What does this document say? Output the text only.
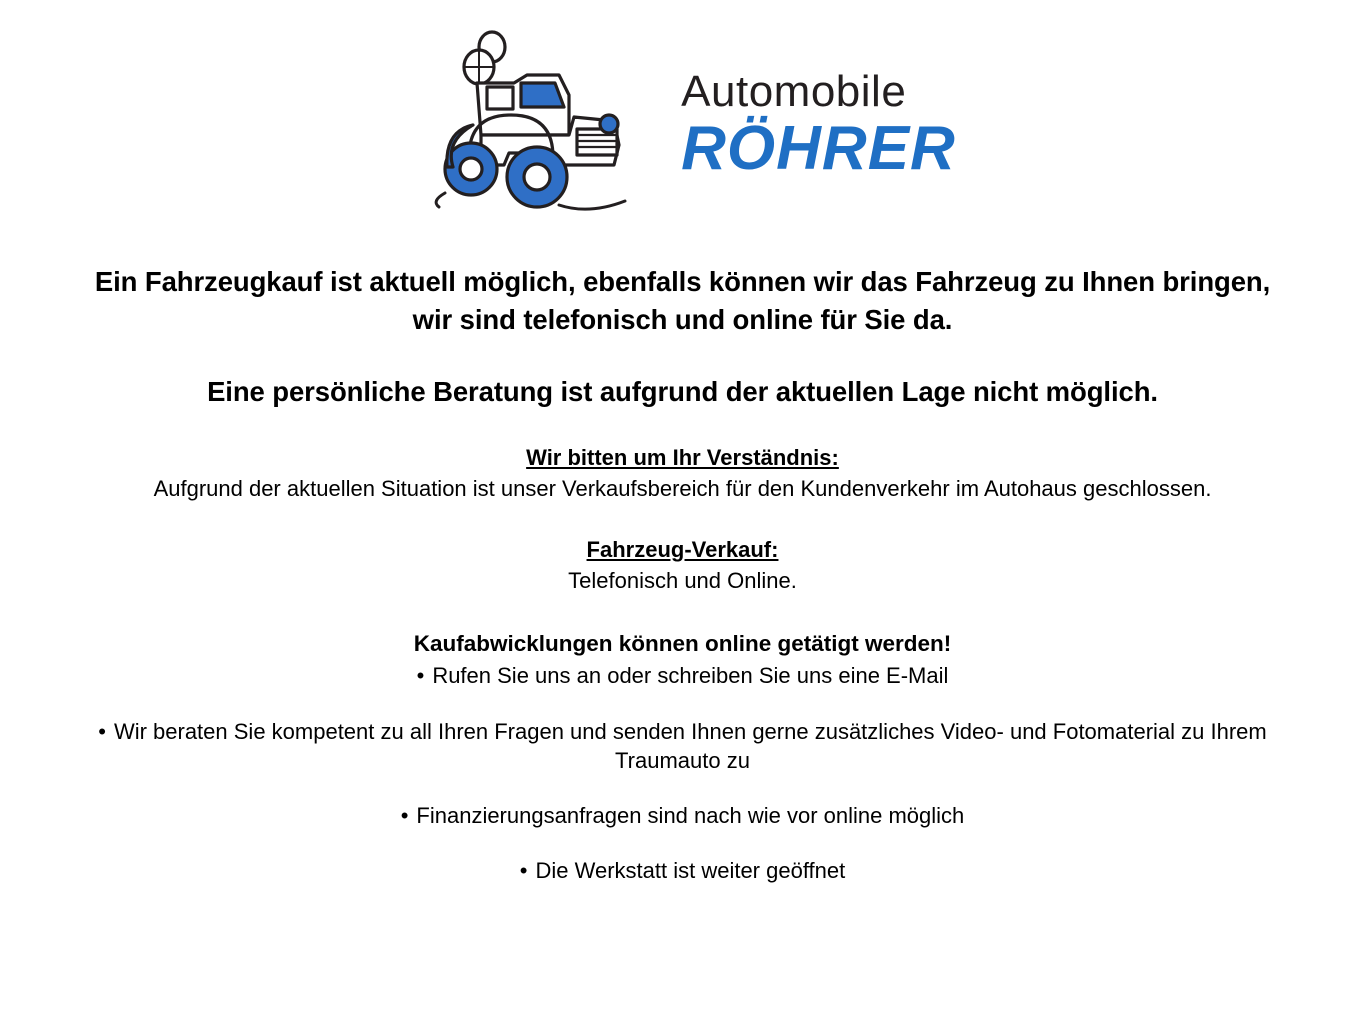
Automobile
RÖHRER

Ein Fahrzeugkauf ist aktuell möglich, ebenfalls können wir das Fahrzeug zu Ihnen bringen, wir sind telefonisch und online für Sie da.

Eine persönliche Beratung ist aufgrund der aktuellen Lage nicht möglich.

Wir bitten um Ihr Verständnis:

Aufgrund der aktuellen Situation ist unser Verkaufsbereich für den Kundenverkehr im Autohaus geschlossen.

Fahrzeug-Verkauf:

Telefonisch und Online.

Kaufabwicklungen können online getätigt werden!

• Rufen Sie uns an oder schreiben Sie uns eine E-Mail
• Wir beraten Sie kompetent zu all Ihren Fragen und senden Ihnen gerne zusätzliches Video- und Fotomaterial zu Ihrem Traumauto zu
• Finanzierungsanfragen sind nach wie vor online möglich
• Die Werkstatt ist weiter geöffnet
